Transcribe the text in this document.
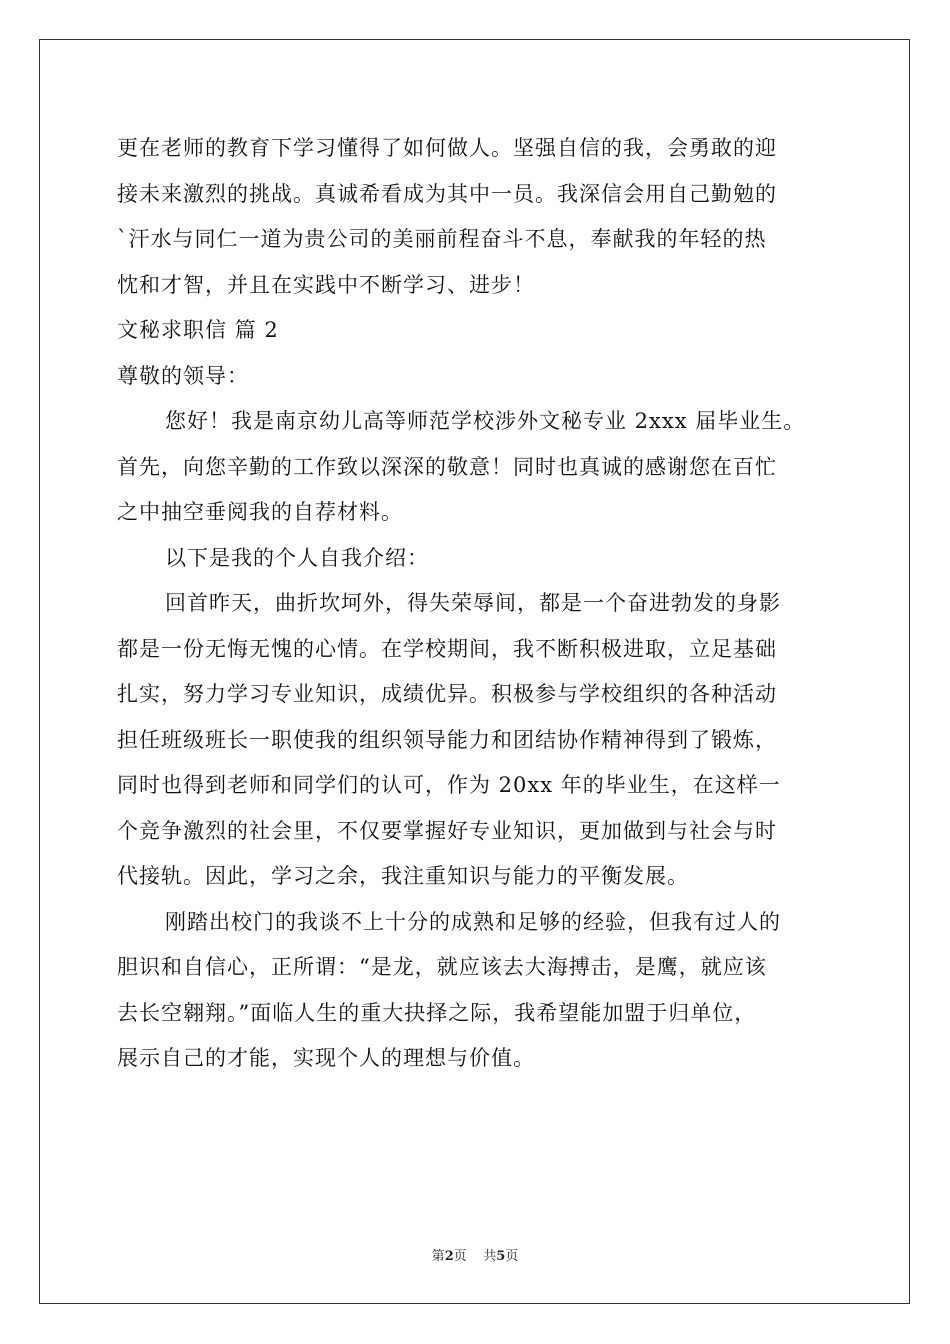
更在老师的教育下学习懂得了如何做人。坚强自信的我，会勇敢的迎
接未来激烈的挑战。真诚希看成为其中一员。我深信会用自己勤勉的
`汗水与同仁一道为贵公司的美丽前程奋斗不息，奉献我的年轻的热
忱和才智，并且在实践中不断学习、进步！
文秘求职信 篇 2
尊敬的领导：
您好！我是南京幼儿高等师范学校涉外文秘专业 2xxx 届毕业生。
首先，向您辛勤的工作致以深深的敬意！同时也真诚的感谢您在百忙
之中抽空垂阅我的自荐材料。
以下是我的个人自我介绍：
回首昨天，曲折坎坷外，得失荣辱间，都是一个奋进勃发的身影
都是一份无悔无愧的心情。在学校期间，我不断积极进取，立足基础
扎实，努力学习专业知识，成绩优异。积极参与学校组织的各种活动
担任班级班长一职使我的组织领导能力和团结协作精神得到了锻炼，
同时也得到老师和同学们的认可，作为 20xx 年的毕业生，在这样一
个竞争激烈的社会里，不仅要掌握好专业知识，更加做到与社会与时
代接轨。因此，学习之余，我注重知识与能力的平衡发展。
刚踏出校门的我谈不上十分的成熟和足够的经验，但我有过人的
胆识和自信心，正所谓：“是龙，就应该去大海搏击，是鹰，就应该
去长空翱翔。”面临人生的重大抉择之际，我希望能加盟于归单位，
展示自己的才能，实现个人的理想与价值。
第2页    共5页
